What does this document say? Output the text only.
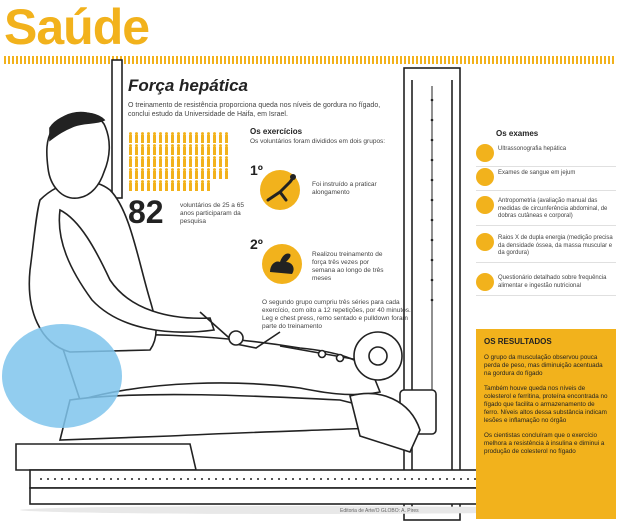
Saúde
Força hepática
O treinamento de resistência proporciona queda nos níveis de gordura no fígado, conclui estudo da Universidade de Haifa, em Israel.
82	voluntários de 25 a 65 anos participaram da pesquisa
Os exercícios
Os voluntários foram divididos em dois grupos:
1º
Foi instruído a praticar alongamento
2º
Realizou treinamento de força três vezes por semana ao longo de três meses
O segundo grupo cumpriu três séries para cada exercício, com oito a 12 repetições, por 40 minutos. Leg e chest press, remo sentado e pulldown foram parte do treinamento
Os exames
Ultrassonografia hepática
Exames de sangue em jejum
Antropometria (avaliação manual das medidas de circunferência abdominal, de dobras cutâneas e corporal)
Raios X de dupla energia (medição precisa da densidade óssea, da massa muscular e da gordura)
Questionário detalhado sobre frequência alimentar e ingestão nutricional
OS RESULTADOS
O grupo da musculação observou pouca perda de peso, mas diminuição acentuada na gordura do fígado
Também houve queda nos níveis de colesterol e ferritina, proteína encontrada no fígado que facilita o armazenamento de ferro. Níveis altos dessa substância indicam lesões e inflamação no órgão
Os cientistas concluíram que o exercício melhora a resistência à insulina e diminui a produção de colesterol no fígado
Editoria de Arte/O GLOBO: A. Pires
